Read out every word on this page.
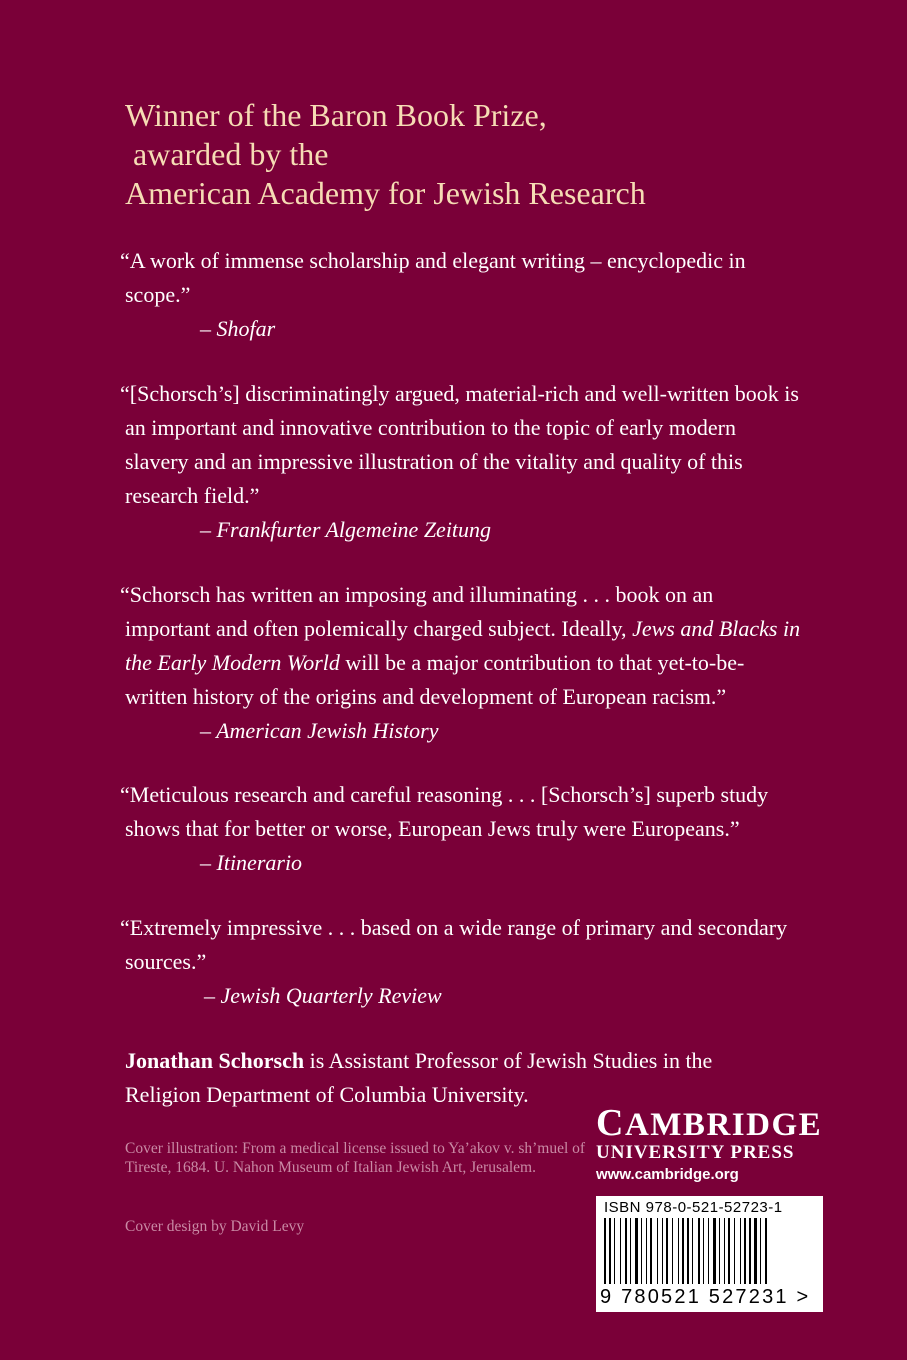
Winner of the Baron Book Prize,
awarded by the
American Academy for Jewish Research
“A work of immense scholarship and elegant writing – encyclopedic in scope.”
– Shofar
“[Schorsch’s] discriminatingly argued, material-rich and well-written book is an important and innovative contribution to the topic of early modern slavery and an impressive illustration of the vitality and quality of this research field.”
– Frankfurter Algemeine Zeitung
“Schorsch has written an imposing and illuminating . . . book on an important and often polemically charged subject. Ideally, Jews and Blacks in the Early Modern World will be a major contribution to that yet-to-be-written history of the origins and development of European racism.”
– American Jewish History
“Meticulous research and careful reasoning . . . [Schorsch’s] superb study shows that for better or worse, European Jews truly were Europeans.”
– Itinerario
“Extremely impressive . . . based on a wide range of primary and secondary sources.”
– Jewish Quarterly Review
Jonathan Schorsch is Assistant Professor of Jewish Studies in the Religion Department of Columbia University.
Cover illustration: From a medical license issued to Ya’akov v. sh’muel of Tireste, 1684. U. Nahon Museum of Italian Jewish Art, Jerusalem.
Cover design by David Levy
CAMBRIDGE
UNIVERSITY PRESS
www.cambridge.org
ISBN 978-0-521-52723-1
9 780521 527231 >
